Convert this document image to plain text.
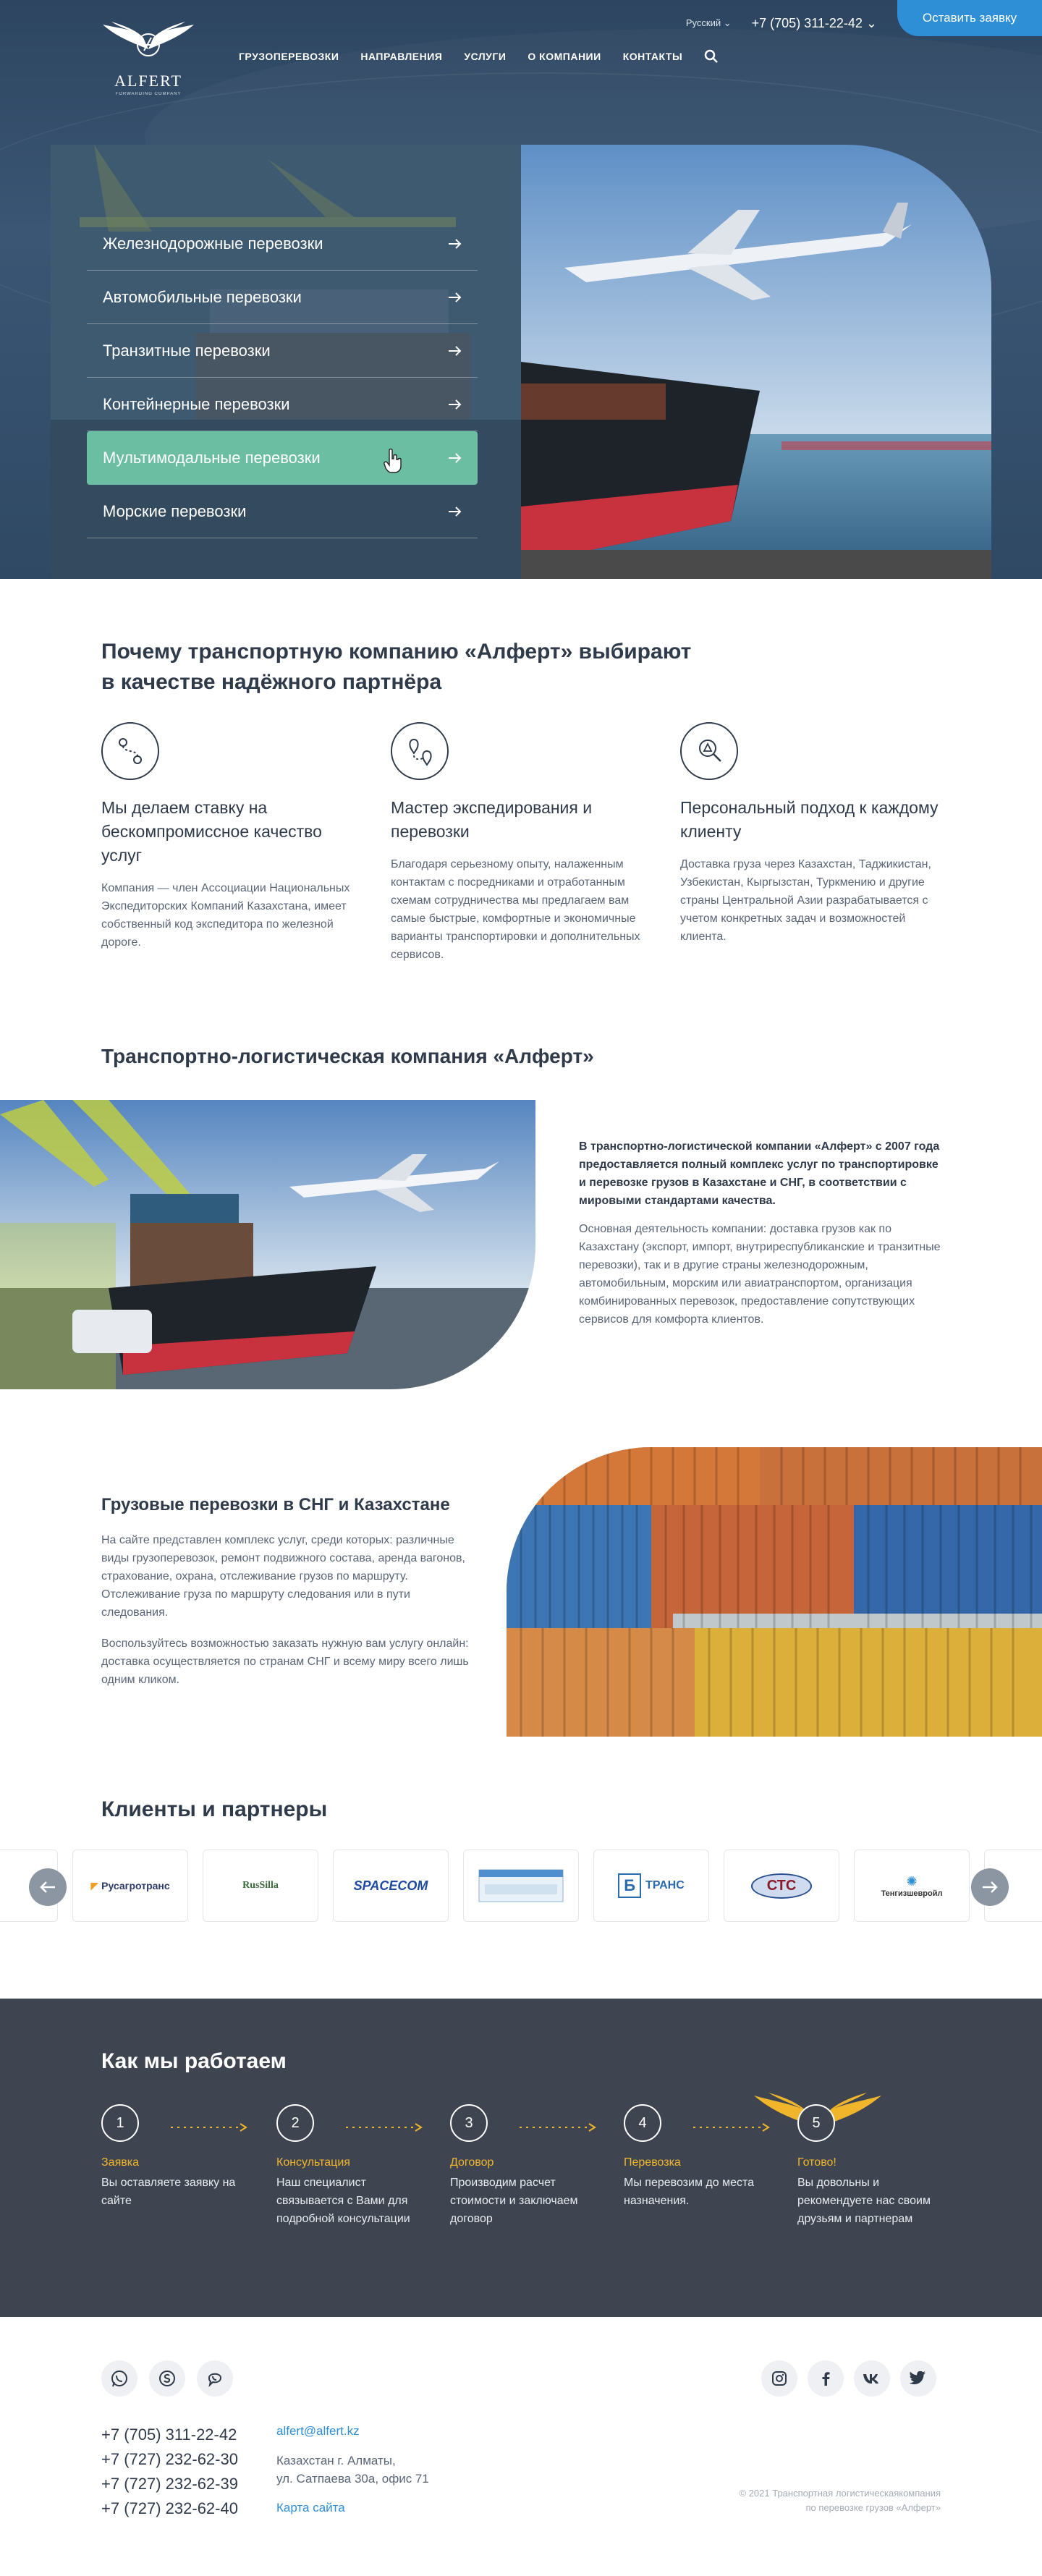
ALFERT
FORWARDING COMPANY
Русский ⌄ +7 (705) 311-22-42 ⌄	Оставить заявку
ГРУЗОПЕРЕВОЗКИ НАПРАВЛЕНИЯ УСЛУГИ О КОМПАНИИ КОНТАКТЫ
Железнодорожные перевозки
Автомобильные перевозки
Транзитные перевозки
Контейнерные перевозки
Мультимодальные перевозки
Морские перевозки
Почему транспортную компанию «Алферт» выбирают в качестве надёжного партнёра
Мы делаем ставку на бескомпромиссное качество услуг

Компания — член Ассоциации Национальных Экспедиторских Компаний Казахстана, имеет собственный код экспедитора по железной дороге.

Мастер экспедирования и перевозки

Благодаря серьезному опыту, налаженным контактам с посредниками и отработанным схемам сотрудничества мы предлагаем вам самые быстрые, комфортные и экономичные варианты транспортировки и дополнительных сервисов.

Персональный подход к каждому клиенту

Доставка груза через Казахстан, Таджикистан, Узбекистан, Кыргызстан, Туркмению и другие страны Центральной Азии разрабатывается с учетом конкретных задач и возможностей клиента.

Транспортно-логистическая компания «Алферт»

В транспортно-логистической компании «Алферт» с 2007 года предоставляется полный комплекс услуг по транспортировке и перевозке грузов в Казахстане и СНГ, в соответствии с мировыми стандартами качества.

Основная деятельность компании: доставка грузов как по Казахстану (экспорт, импорт, внутриреспубликанские и транзитные перевозки), так и в другие страны железнодорожным, автомобильным, морским или авиатранспортом, организация комбинированных перевозок, предоставление сопутствующих сервисов для комфорта клиентов.

Грузовые перевозки в СНГ и Казахстане

На сайте представлен комплекс услуг, среди которых: различные виды грузоперевозок, ремонт подвижного состава, аренда вагонов, страхование, охрана, отслеживание грузов по маршруту. Отслеживание груза по маршруту следования или в пути следования.

Воспользуйтесь возможностью заказать нужную вам услугу онлайн: доставка осуществляется по странам СНГ и всему миру всего лишь одним кликом.

Клиенты и партнеры
◤ Русагротранс	RusSilla	SPACECOM	Б ТРАНС	СТС	✺
Тенгизшевройл
Как мы работаем
1
Заявка
Вы оставляете заявку на сайте
2
Консультация
Наш специалист связывается с Вами для подробной консультации
3
Договор
Производим расчет стоимости и заключаем договор
4
Перевозка
Мы перевозим до места назначения.
5
Готово!
Вы довольны и рекомендуете нас своим друзьям и партнерам
+7 (705) 311-22-42
+7 (727) 232-62-30
+7 (727) 232-62-39
+7 (727) 232-62-40
alfert@alfert.kz
Казахстан г. Алматы,
ул. Сатпаева 30а, офис 71
Карта сайта
© 2021 Транспортная логистическаякомпания
по перевозке грузов «Алферт»
